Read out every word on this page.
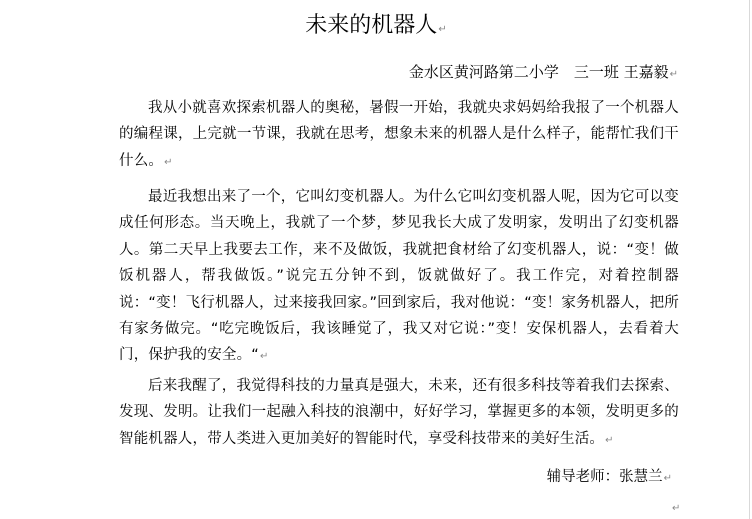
未来的机器人↵
金水区黄河路第二小学　三一班 王嘉毅↵
我从小就喜欢探索机器人的奥秘，暑假一开始，我就央求妈妈给我报了一个机器人的编程课，上完就一节课，我就在思考，想象未来的机器人是什么样子，能帮忙我们干什么。↵
最近我想出来了一个，它叫幻变机器人。为什么它叫幻变机器人呢，因为它可以变成任何形态。当天晚上，我就了一个梦，梦见我长大成了发明家，发明出了幻变机器人。第二天早上我要去工作，来不及做饭，我就把食材给了幻变机器人，说：“变！做饭机器人，帮我做饭。”说完五分钟不到，饭就做好了。我工作完，对着控制器说：“变！飞行机器人，过来接我回家。”回到家后，我对他说：“变！家务机器人，把所有家务做完。“吃完晚饭后，我该睡觉了，我又对它说：”变！安保机器人，去看着大门，保护我的安全。“↵
后来我醒了，我觉得科技的力量真是强大，未来，还有很多科技等着我们去探索、发现、发明。让我们一起融入科技的浪潮中，好好学习，掌握更多的本领，发明更多的智能机器人，带人类进入更加美好的智能时代，享受科技带来的美好生活。↵
辅导老师：张慧兰↵
↵
